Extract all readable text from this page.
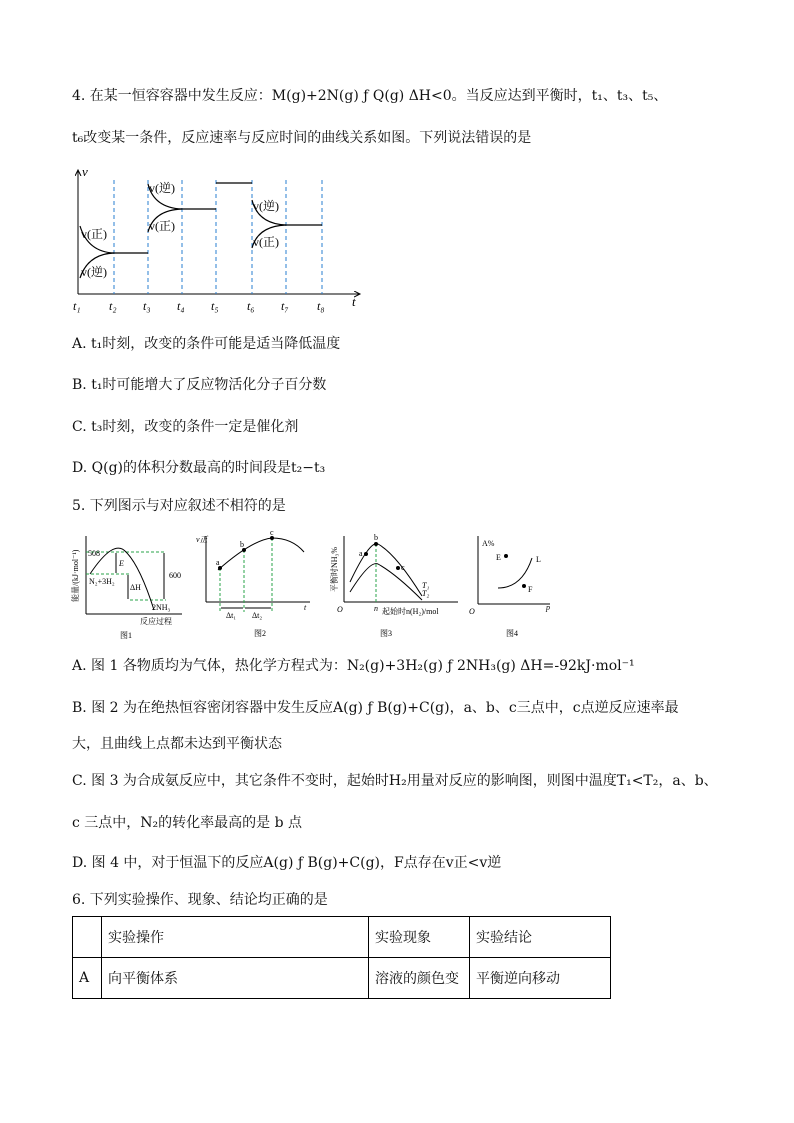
4. 在某一恒容容器中发生反应：M(g)+2N(g) ƒ Q(g) ΔH<0。当反应达到平衡时，t₁、t₃、t₅、
t₆改变某一条件，反应速率与反应时间的曲线关系如图。下列说法错误的是
v
t
t₁ t₂ t₃ t₄ t₅ t₆ t₇ t₈
v(正)
v(逆)
v(逆)
v(正)
v(逆)
v(正)
A. t₁时刻，改变的条件可能是适当降低温度
B. t₁时可能增大了反应物活化分子百分数
C. t₃时刻，改变的条件一定是催化剂
D. Q(g)的体积分数最高的时间段是t₂−t₃
5. 下列图示与对应叙述不相符的是
能量/(kJ·mol⁻¹) 508
600
E
ΔH
N₂+3H₂
2NH₃
反应过程
图1
v正
a
b
c
Δt₁ Δt₂
t
图2
平衡时NH₃%	a
b
c
T₁
T₂
O	n 起始时n(H₂)/mol
图3
A%
E	L
F
O	p
图4
A. 图 1 各物质均为气体，热化学方程式为：N₂(g)+3H₂(g) ƒ 2NH₃(g) ΔH=-92kJ·mol⁻¹
B. 图 2 为在绝热恒容密闭容器中发生反应A(g) ƒ B(g)+C(g)，a、b、c三点中，c点逆反应速率最
大，且曲线上点都未达到平衡状态
C. 图 3 为合成氨反应中，其它条件不变时，起始时H₂用量对反应的影响图，则图中温度T₁<T₂，a、b、
c 三点中，N₂的转化率最高的是 b 点
D. 图 4 中，对于恒温下的反应A(g) ƒ B(g)+C(g)，F点存在v正<v逆
6. 下列实验操作、现象、结论均正确的是
	实验操作	实验现象	实验结论
A	向平衡体系	溶液的颜色变	平衡逆向移动
